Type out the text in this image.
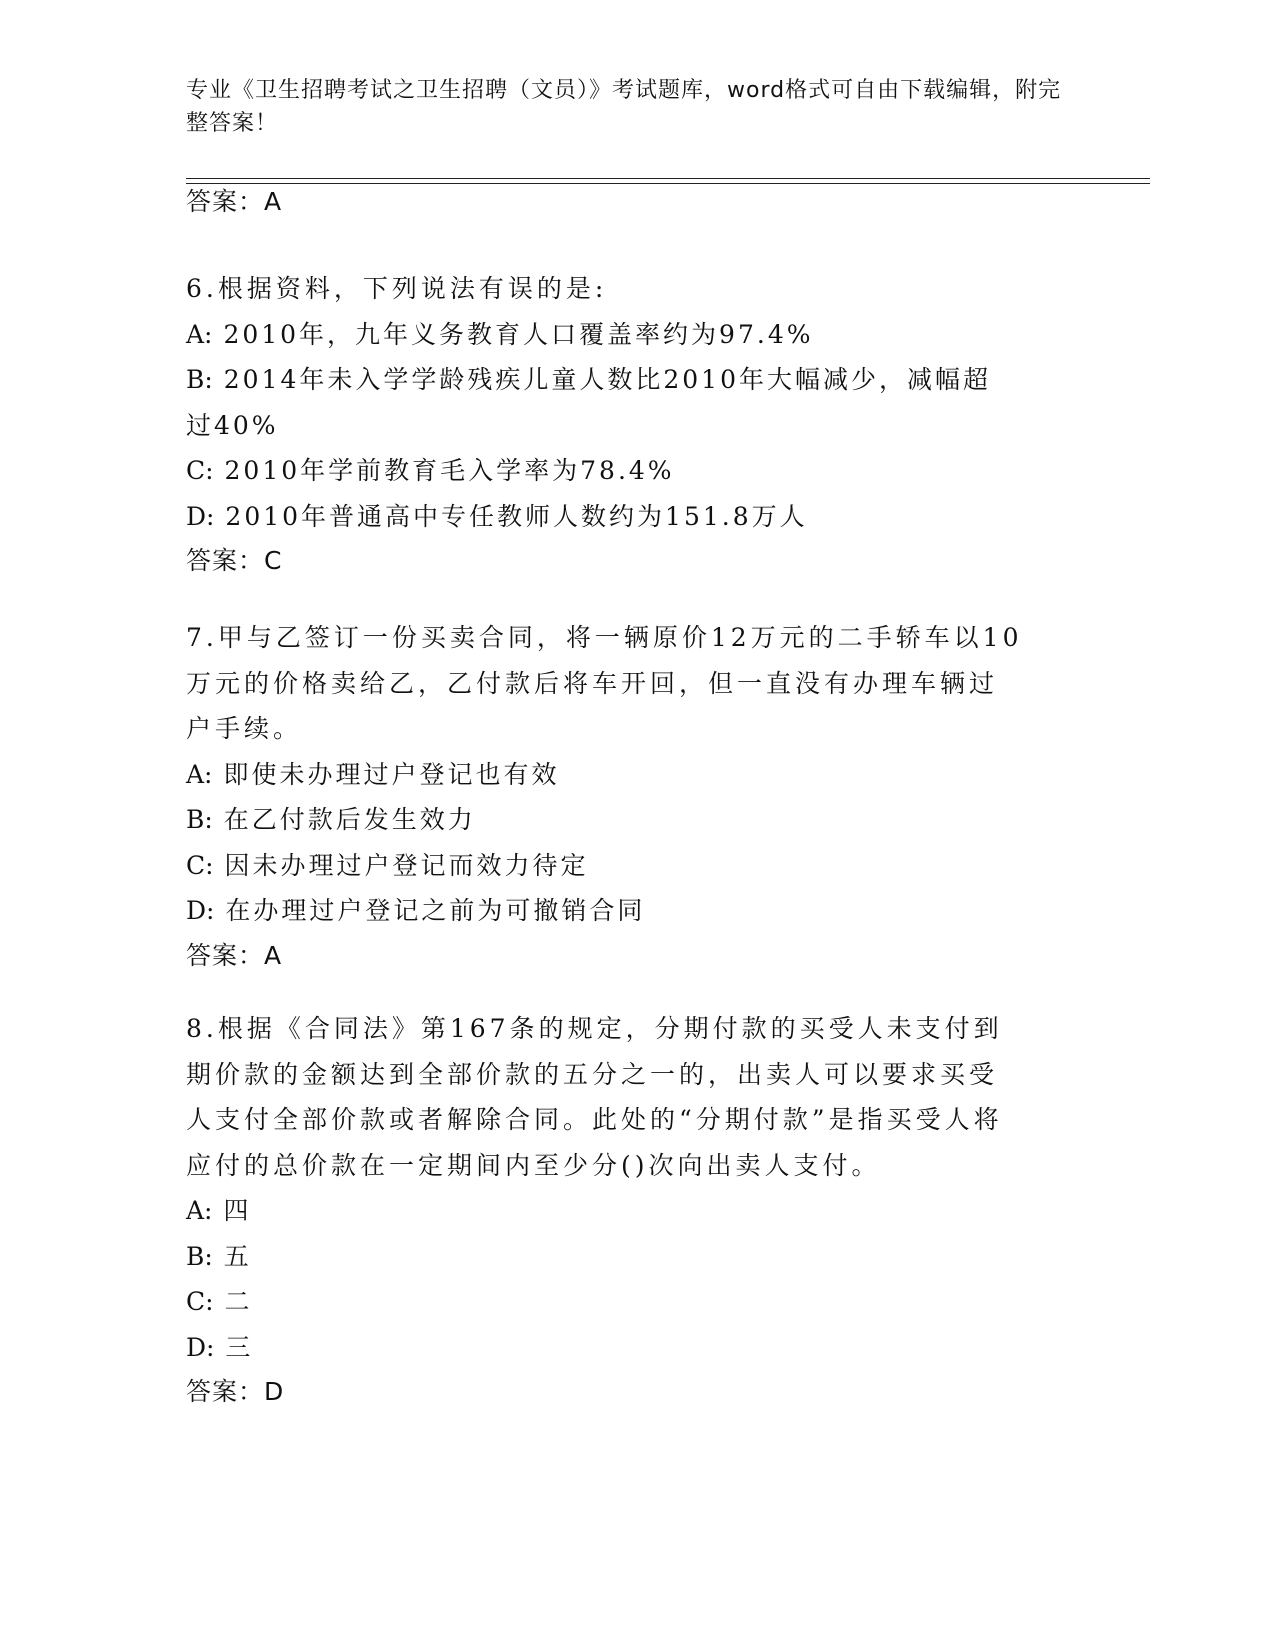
专业《卫生招聘考试之卫生招聘（文员）》考试题库，word格式可自由下载编辑，附完整答案！
答案：A
6.根据资料，下列说法有误的是:
A: 2010年，九年义务教育人口覆盖率约为97.4%
B: 2014年未入学学龄残疾儿童人数比2010年大幅减少，减幅超过40%
C: 2010年学前教育毛入学率为78.4%
D: 2010年普通高中专任教师人数约为151.8万人
答案：C
7.甲与乙签订一份买卖合同，将一辆原价12万元的二手轿车以10万元的价格卖给乙，乙付款后将车开回，但一直没有办理车辆过户手续。
A: 即使未办理过户登记也有效
B: 在乙付款后发生效力
C: 因未办理过户登记而效力待定
D: 在办理过户登记之前为可撤销合同
答案：A
8.根据《合同法》第167条的规定，分期付款的买受人未支付到期价款的金额达到全部价款的五分之一的，出卖人可以要求买受人支付全部价款或者解除合同。此处的“分期付款”是指买受人将应付的总价款在一定期间内至少分()次向出卖人支付。
A: 四
B: 五
C: 二
D: 三
答案：D
